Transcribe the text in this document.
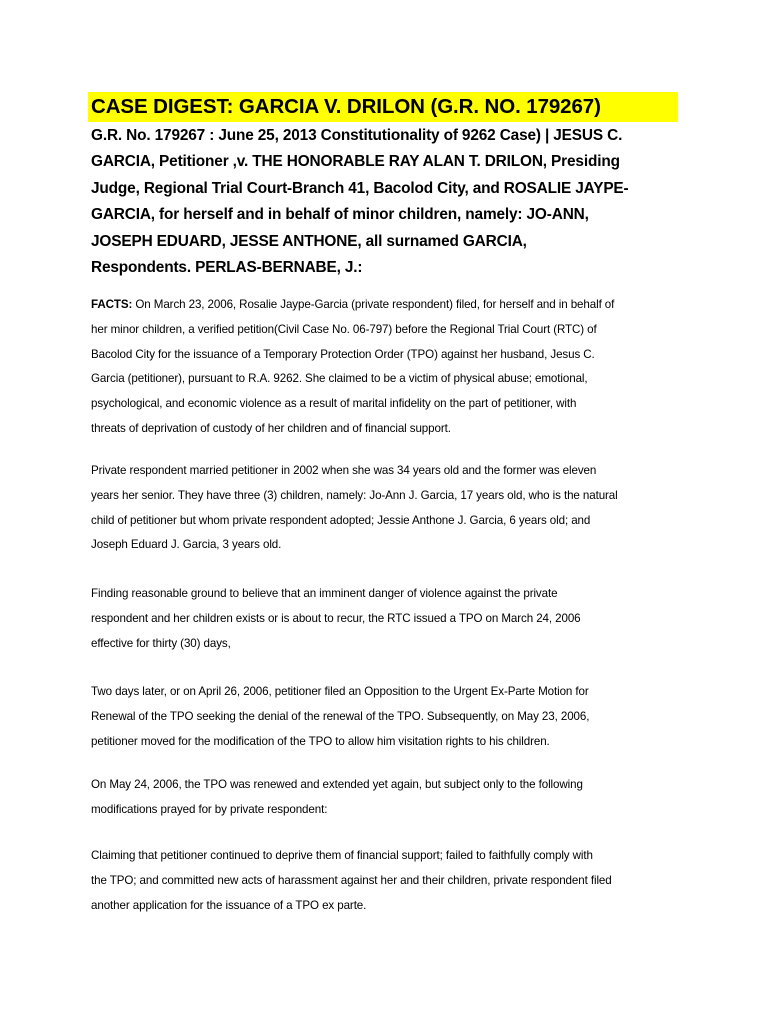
CASE DIGEST: GARCIA V. DRILON (G.R. NO. 179267)
G.R. No. 179267 : June 25, 2013 Constitutionality of 9262 Case) | JESUS C.
GARCIA, Petitioner ,v. THE HONORABLE RAY ALAN T. DRILON, Presiding
Judge, Regional Trial Court-Branch 41, Bacolod City, and ROSALIE JAYPE-
GARCIA, for herself and in behalf of minor children, namely: JO-ANN,
JOSEPH EDUARD, JESSE ANTHONE, all surnamed GARCIA,
Respondents. PERLAS-BERNABE, J.:
FACTS: On March 23, 2006, Rosalie Jaype-Garcia (private respondent) filed, for herself and in behalf of
her minor children, a verified petition(Civil Case No. 06-797) before the Regional Trial Court (RTC) of
Bacolod City for the issuance of a Temporary Protection Order (TPO) against her husband, Jesus C.
Garcia (petitioner), pursuant to R.A. 9262. She claimed to be a victim of physical abuse; emotional,
psychological, and economic violence as a result of marital infidelity on the part of petitioner, with
threats of deprivation of custody of her children and of financial support.
Private respondent married petitioner in 2002 when she was 34 years old and the former was eleven
years her senior. They have three (3) children, namely: Jo-Ann J. Garcia, 17 years old, who is the natural
child of petitioner but whom private respondent adopted; Jessie Anthone J. Garcia, 6 years old; and
Joseph Eduard J. Garcia, 3 years old.
Finding reasonable ground to believe that an imminent danger of violence against the private
respondent and her children exists or is about to recur, the RTC issued a TPO on March 24, 2006
effective for thirty (30) days,
Two days later, or on April 26, 2006, petitioner filed an Opposition to the Urgent Ex-Parte Motion for
Renewal of the TPO seeking the denial of the renewal of the TPO. Subsequently, on May 23, 2006,
petitioner moved for the modification of the TPO to allow him visitation rights to his children.
On May 24, 2006, the TPO was renewed and extended yet again, but subject only to the following
modifications prayed for by private respondent:
Claiming that petitioner continued to deprive them of financial support; failed to faithfully comply with
the TPO; and committed new acts of harassment against her and their children, private respondent filed
another application for the issuance of a TPO ex parte.
